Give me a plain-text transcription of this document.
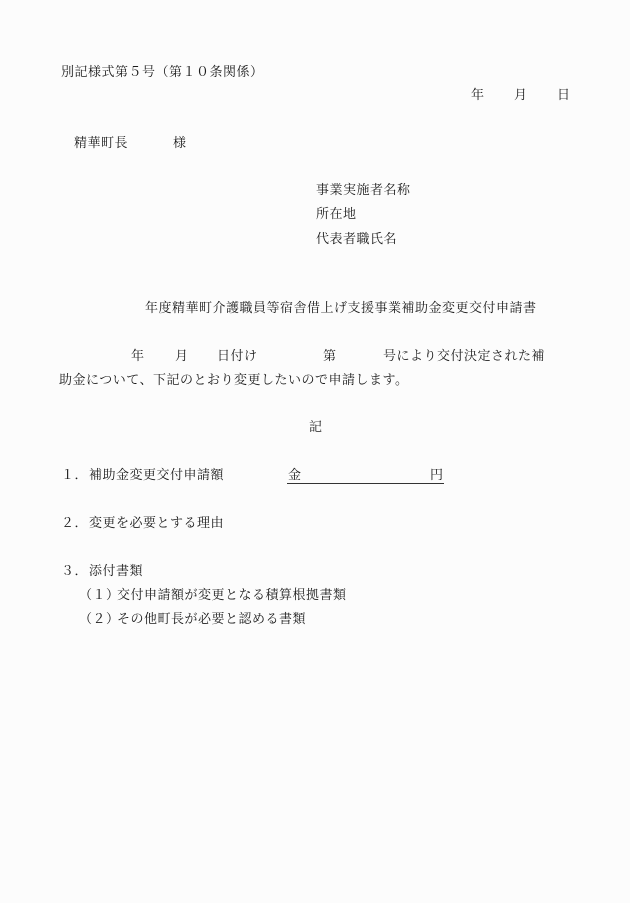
別記様式第５号（第１０条関係）
年 月 日
精華町長	様
事業実施者名称
所在地
代表者職氏名
年度精華町介護職員等宿舎借上げ支援事業補助金変更交付申請書
年 月 日付け	第	号により交付決定された補
助金について、下記のとおり変更したいので申請します。
記
１． 補助金変更交付申請額	金	円
２． 変更を必要とする理由
３． 添付書類
（１）
交付申請額が変更となる積算根拠書類
（２）
その他町長が必要と認める書類
